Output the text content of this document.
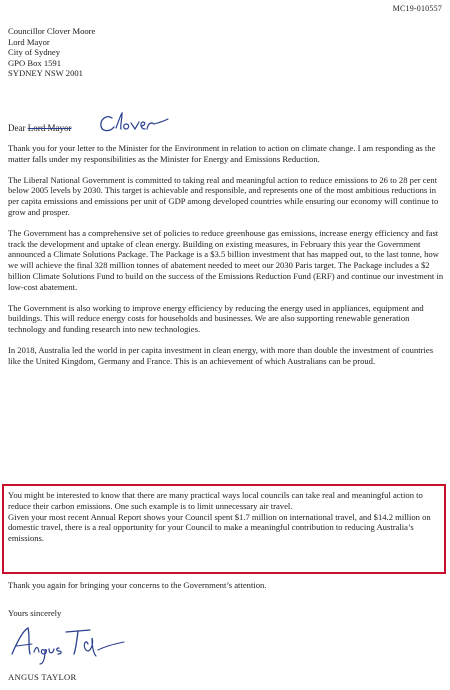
MC19-010557
Councillor Clover Moore
Lord Mayor
City of Sydney
GPO Box 1591
SYDNEY NSW 2001
Dear Lord Mayor

Thank you for your letter to the Minister for the Environment in relation to action on climate change. I am responding as the matter falls under my responsibilities as the Minister for Energy and Emissions Reduction.

The Liberal National Government is committed to taking real and meaningful action to reduce emissions to 26 to 28 per cent below 2005 levels by 2030. This target is achievable and responsible, and represents one of the most ambitious reductions in per capita emissions and emissions per unit of GDP among developed countries while ensuring our economy will continue to grow and prosper.

The Government has a comprehensive set of policies to reduce greenhouse gas emissions, increase energy efficiency and fast track the development and uptake of clean energy. Building on existing measures, in February this year the Government announced a Climate Solutions Package. The Package is a $3.5 billion investment that has mapped out, to the last tonne, how we will achieve the final 328 million tonnes of abatement needed to meet our 2030 Paris target. The Package includes a $2 billion Climate Solutions Fund to build on the success of the Emissions Reduction Fund (ERF) and continue our investment in low-cost abatement.

The Government is also working to improve energy efficiency by reducing the energy used in appliances, equipment and buildings. This will reduce energy costs for households and businesses. We are also supporting renewable generation technology and funding research into new technologies.

In 2018, Australia led the world in per capita investment in clean energy, with more than double the investment of countries like the United Kingdom, Germany and France. This is an achievement of which Australians can be proud.

You might be interested to know that there are many practical ways local councils can take real and meaningful action to reduce their carbon emissions. One such example is to limit unnecessary air travel.

Given your most recent Annual Report shows your Council spent $1.7 million on international travel, and $14.2 million on domestic travel, there is a real opportunity for your Council to make a meaningful contribution to reducing Australia’s emissions.

Thank you again for bringing your concerns to the Government’s attention.
Yours sincerely
ANGUS TAYLOR
